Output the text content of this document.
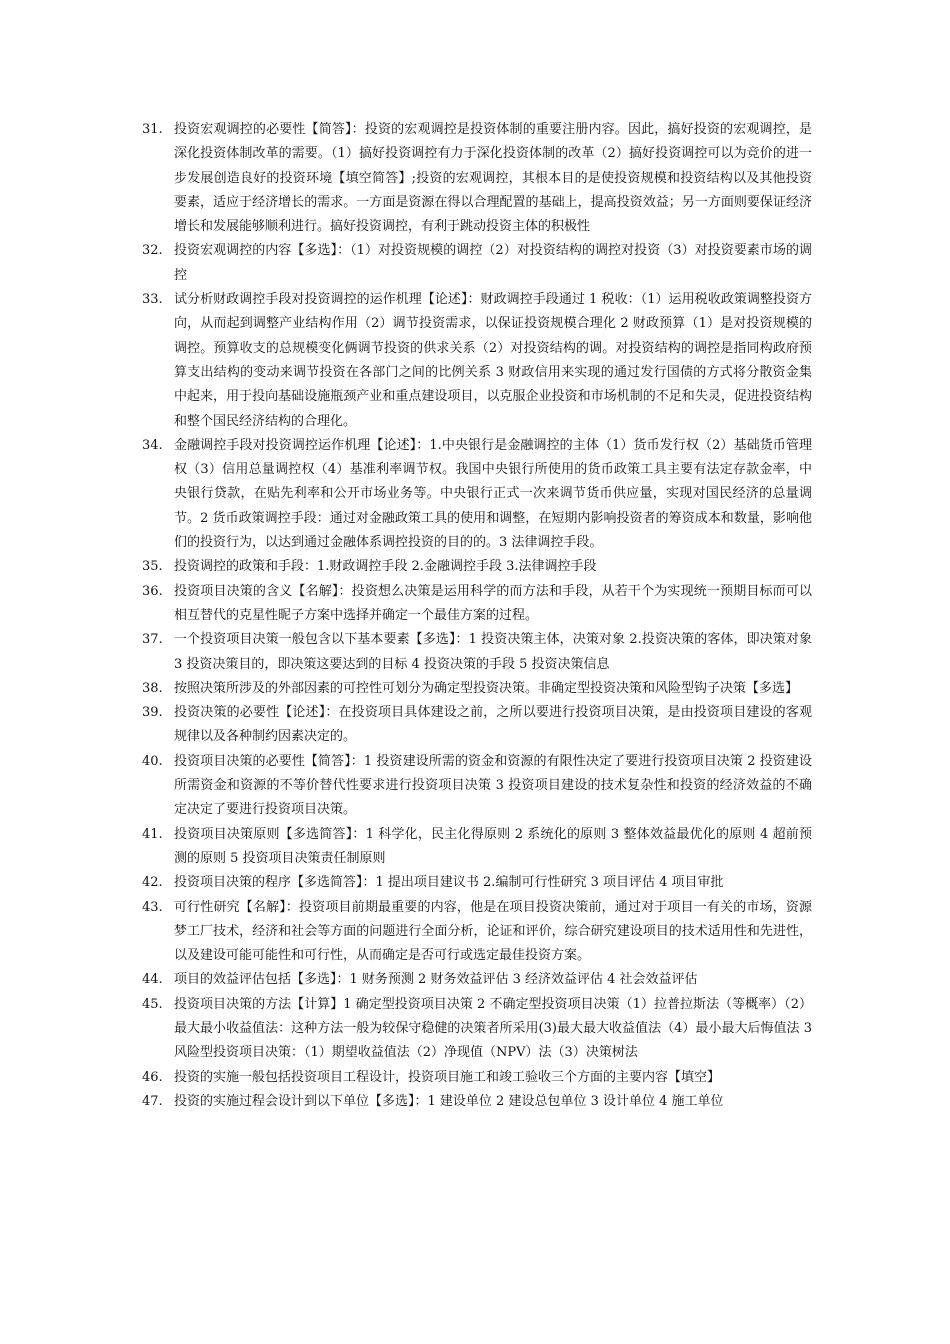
31. 投资宏观调控的必要性【简答】：投资的宏观调控是投资体制的重要注册内容。因此，搞好投资的宏观调控，是深化投资体制改革的需要。（1）搞好投资调控有力于深化投资体制的改革（2）搞好投资调控可以为竞价的进一步发展创造良好的投资环境【填空简答】;投资的宏观调控，其根本目的是使投资规模和投资结构以及其他投资要素，适应于经济增长的需求。一方面是资源在得以合理配置的基础上，提高投资效益；另一方面则要保证经济增长和发展能够顺利进行。搞好投资调控，有利于跳动投资主体的积极性
32. 投资宏观调控的内容【多选】：（1）对投资规模的调控（2）对投资结构的调控对投资（3）对投资要素市场的调控
33. 试分析财政调控手段对投资调控的运作机理【论述】：财政调控手段通过 1 税收：（1）运用税收政策调整投资方向，从而起到调整产业结构作用（2）调节投资需求，以保证投资规模合理化 2 财政预算（1）是对投资规模的调控。预算收支的总规模变化俩调节投资的供求关系（2）对投资结构的调。对投资结构的调控是指同构政府预算支出结构的变动来调节投资在各部门之间的比例关系 3 财政信用来实现的通过发行国债的方式将分散资金集中起来，用于投向基础设施瓶颈产业和重点建设项目，以克服企业投资和市场机制的不足和失灵，促进投资结构和整个国民经济结构的合理化。
34. 金融调控手段对投资调控运作机理【论述】：1.中央银行是金融调控的主体（1）货币发行权（2）基础货币管理权（3）信用总量调控权（4）基准利率调节权。我国中央银行所使用的货币政策工具主要有法定存款金率，中央银行贷款，在贴先利率和公开市场业务等。中央银行正式一次来调节货币供应量，实现对国民经济的总量调节。2 货币政策调控手段：通过对金融政策工具的使用和调整，在短期内影响投资者的筹资成本和数量，影响他们的投资行为，以达到通过金融体系调控投资的目的的。3 法律调控手段。
35. 投资调控的政策和手段：1.财政调控手段 2.金融调控手段 3.法律调控手段
36. 投资项目决策的含义【名解】：投资想么决策是运用科学的而方法和手段，从若干个为实现统一预期目标而可以相互替代的克星性昵子方案中选择并确定一个最佳方案的过程。
37. 一个投资项目决策一般包含以下基本要素【多选】：1 投资决策主体，决策对象 2.投资决策的客体，即决策对象 3 投资决策目的，即决策这要达到的目标 4 投资决策的手段 5 投资决策信息
38. 按照决策所涉及的外部因素的可控性可划分为确定型投资决策。非确定型投资决策和风险型钩子决策【多选】
39. 投资决策的必要性【论述】：在投资项目具体建设之前，之所以要进行投资项目决策，是由投资项目建设的客观规律以及各种制约因素决定的。
40. 投资项目决策的必要性【简答】：1 投资建设所需的资金和资源的有限性决定了要进行投资项目决策 2 投资建设所需资金和资源的不等价替代性要求进行投资项目决策 3 投资项目建设的技术复杂性和投资的经济效益的不确定决定了要进行投资项目决策。
41. 投资项目决策原则【多选简答】：1 科学化，民主化得原则 2 系统化的原则 3 整体效益最优化的原则 4 超前预测的原则 5 投资项目决策责任制原则
42. 投资项目决策的程序【多选简答】：1 提出项目建议书 2.编制可行性研究 3 项目评估 4 项目审批
43. 可行性研究【名解】：投资项目前期最重要的内容，他是在项目投资决策前，通过对于项目一有关的市场，资源梦工厂技术，经济和社会等方面的问题进行全面分析，论证和评价，综合研究建设项目的技术适用性和先进性，以及建设可能可能性和可行性，从而确定是否可行或选定最佳投资方案。
44. 项目的效益评估包括【多选】：1 财务预测 2 财务效益评估 3 经济效益评估 4 社会效益评估
45. 投资项目决策的方法【计算】1 确定型投资项目决策 2 不确定型投资项目决策（1）拉普拉斯法（等概率）（2）最大最小收益值法：这种方法一般为较保守稳健的决策者所采用(3)最大最大收益值法（4）最小最大后悔值法 3 风险型投资项目决策：（1）期望收益值法（2）净现值（NPV）法（3）决策树法
46. 投资的实施一般包括投资项目工程设计，投资项目施工和竣工验收三个方面的主要内容【填空】
47. 投资的实施过程会设计到以下单位【多选】：1 建设单位 2 建设总包单位 3 设计单位 4 施工单位
